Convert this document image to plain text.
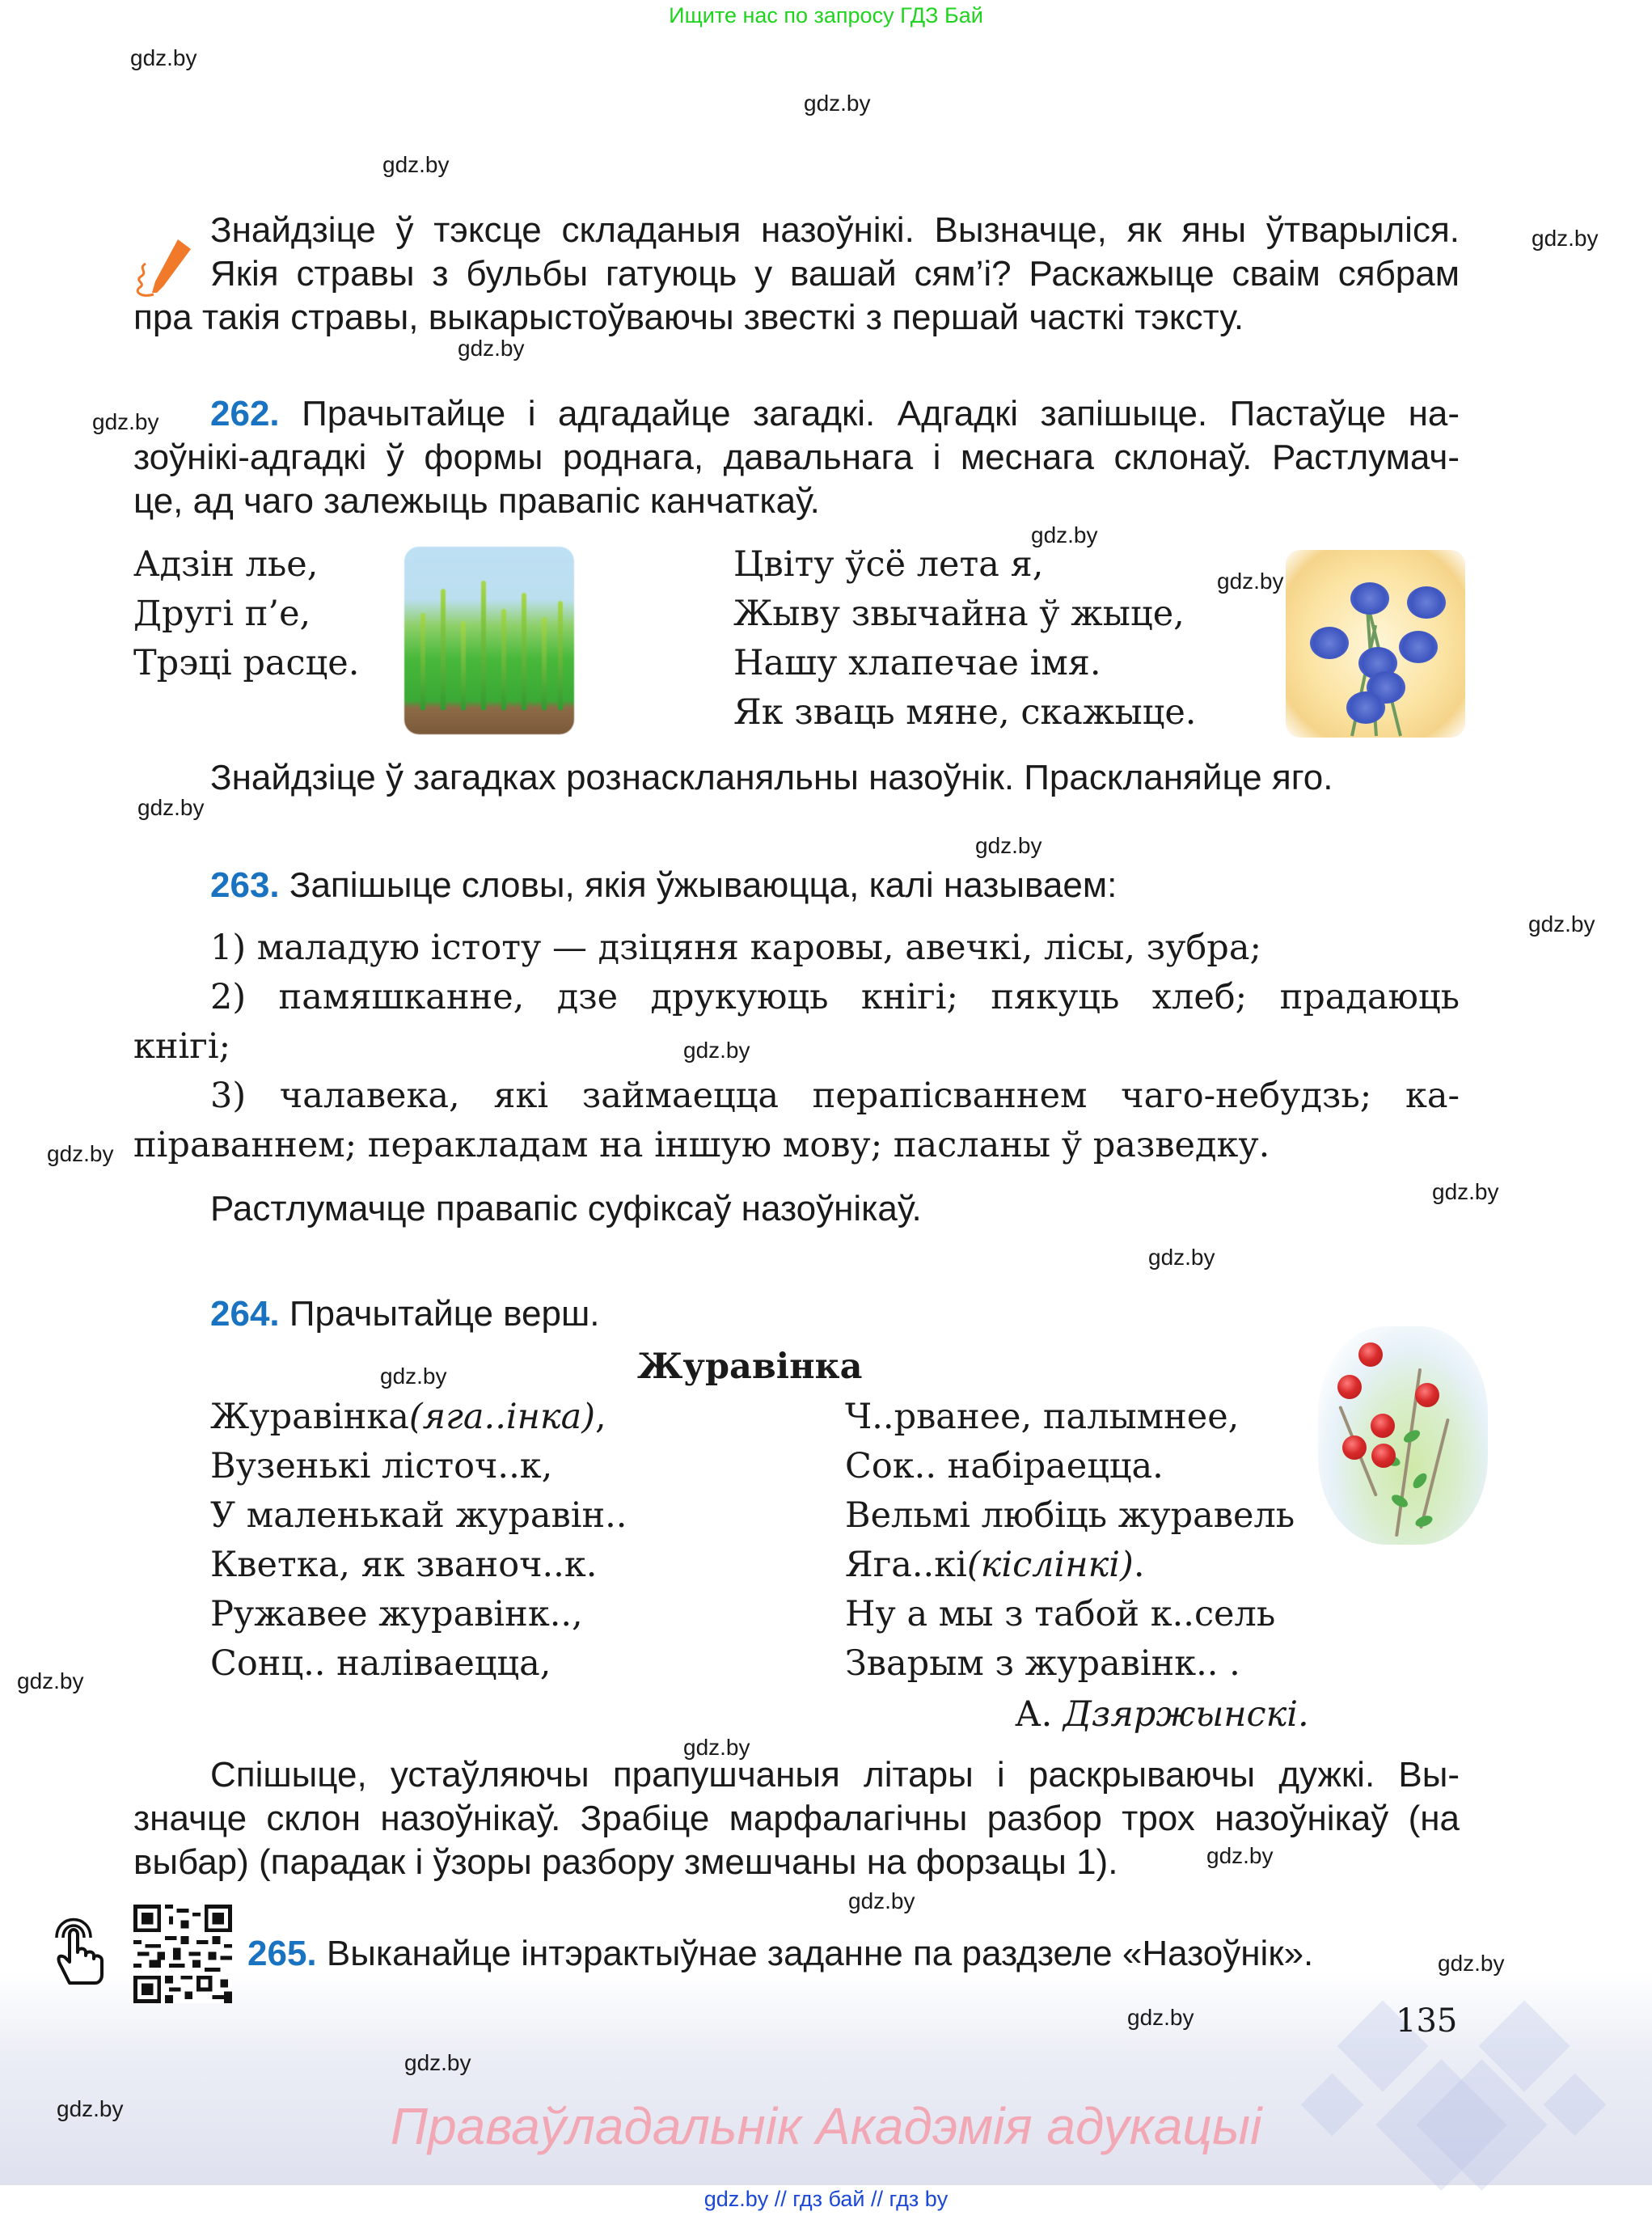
Ищите нас по запросу ГДЗ Бай
Знайдзіце ў тэксце складаныя назоўнікі. Вызначце, як яны ўтварыліся.
Якія стравы з бульбы гатуюць у вашай сям’і? Раскажыце сваім сябрам
пра такія стравы, выкарыстоўваючы звесткі з першай часткі тэксту.
262. Прачытайце і адгадайце загадкі. Адгадкі запішыце. Пастаўце на-
зоўнікі-адгадкі ў формы роднага, давальнага і меснага склонаў. Растлумач-
це, ад чаго залежыць правапіс канчаткаў.
Адзін лье,
Другі п’е,
Трэці расце.
Цвіту ўсё лета я,
Жыву звычайна ў жыце,
Нашу хлапечае імя.
Як зваць мяне, скажыце.
Знайдзіце ў загадках рознаскланяльны назоўнік. Праскланяйце яго.
263. Запішыце словы, якія ўжываюцца, калі называем:
1) маладую істоту — дзіцяня каровы, авечкі, лісы, зубра;
2) памяшканне, дзе друкуюць кнігі; пякуць хлеб; прадаюць
кнігі;
3) чалавека, які займаецца перапісваннем чаго-небудзь; ка-
піраваннем; перакладам на іншую мову; пасланы ў разведку.
Растлумачце правапіс суфіксаў назоўнікаў.
264. Прачытайце верш.
Журавінка
Журавінка(яга..інка),
Вузенькі лісточ..к,
У маленькай журавін..
Кветка, як званоч..к.
Ружавее журавінк..,
Сонц.. наліваецца,
Ч..рванее, палымнее,
Сок.. набіраецца.
Вельмі любіць журавель
Яга..кі(кіслінкі).
Ну а мы з табой к..сель
Зварым з журавінк.. .
А. Дзяржынскі.
Спішыце, устаўляючы прапушчаныя літары і раскрываючы дужкі. Вы-
значце склон назоўнікаў. Зрабіце марфалагічны разбор трох назоўнікаў (на
выбар) (парадак і ўзоры разбору змешчаны на форзацы 1).
265. Выканайце інтэрактыўнае заданне па раздзеле «Назоўнік».
135
Праваўладальнік Акадэмія адукацыі
gdz.by // гдз бай // гдз by
gdz.by
gdz.by
gdz.by
gdz.by
gdz.by
gdz.by
gdz.by
gdz.by
gdz.by
gdz.by
gdz.by
gdz.by
gdz.by
gdz.by
gdz.by
gdz.by
gdz.by
gdz.by
gdz.by
gdz.by
gdz.by
gdz.by
gdz.by
gdz.by
